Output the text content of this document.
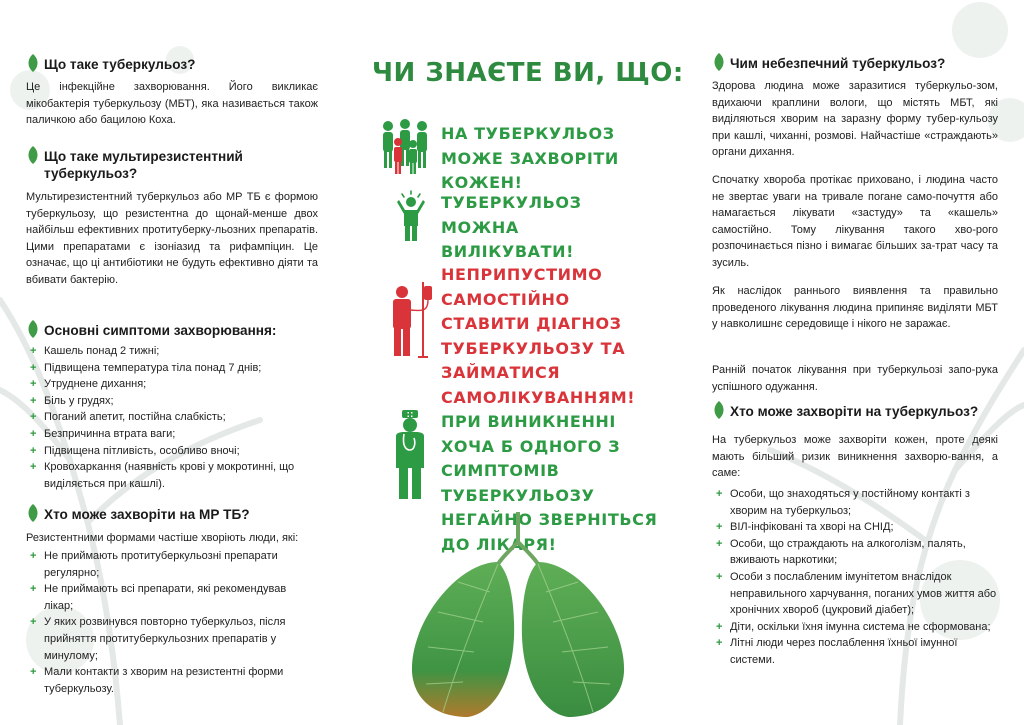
Що таке туберкульоз?
Це інфекційне захворювання. Його викликає мікобактерія туберкульозу (МБТ), яка називається також паличкою або бацилою Коха.
Що таке мультирезистентний туберкульоз?
Мультирезистентний туберкульоз або МР ТБ є формою туберкульозу, що резистентна до щонай-менше двох найбільш ефективних протитуберку-льозних препаратів. Цими препаратами є ізоніазид та рифампіцин. Це означає, що ці антибіотики не будуть ефективно діяти та вбивати бактерію.
Основні симптоми захворювання:
+ Кашель понад 2 тижні;
+ Підвищена температура тіла понад 7 днів;
+ Утруднене дихання;
+ Біль у грудях;
+ Поганий апетит, постійна слабкість;
+ Безпричинна втрата ваги;
+ Підвищена пітливість, особливо вночі;
+ Кровохаркання (наявність крові у мокротинні, що виділяється при кашлі).
Хто може захворіти на МР ТБ?
Резистентними формами частіше хворіють люди, які:
+ Не приймають протитуберкульозні препарати регулярно;
+ Не приймають всі препарати, які рекомендував лікар;
+ У яких розвинувся повторно туберкульоз, після прийняття протитуберкульозних препаратів у минулому;
+ Мали контакти з хворим на резистентні форми туберкульозу.
ЧИ ЗНАЄТЕ ВИ, ЩО:
НА ТУБЕРКУЛЬОЗ МОЖЕ ЗАХВОРІТИ КОЖЕН!
ТУБЕРКУЛЬОЗ МОЖНА ВИЛІКУВАТИ!
НЕПРИПУСТИМО САМОСТІЙНО СТАВИТИ ДІАГНОЗ ТУБЕРКУЛЬОЗУ ТА ЗАЙМАТИСЯ САМОЛІКУВАННЯМ!
ПРИ ВИНИКНЕННІ ХОЧА Б ОДНОГО З СИМПТОМІВ ТУБЕРКУЛЬОЗУ НЕГАЙНО ЗВЕРНІТЬСЯ ДО ЛІКАРЯ!
Чим небезпечний туберкульоз?
Здорова людина може заразитися туберкульо-зом, вдихаючи краплини вологи, що містять МБТ, які виділяються хворим на заразну форму тубер-кульозу при кашлі, чиханні, розмові. Найчастіше «страждають» органи дихання.
Спочатку хвороба протікає приховано, і людина часто не звертає уваги на тривале погане само-почуття або намагається лікувати «застуду» та «кашель» самостійно. Тому лікування такого хво-рого розпочинається пізно і вимагає більших за-трат часу та зусиль.
Як наслідок раннього виявлення та правильно проведеного лікування людина припиняє виділяти МБТ у навколишнє середовище і нікого не заражає.
Ранній початок лікування при туберкульозі запо-рука успішного одужання.
Хто може захворіти на туберкульоз?
На туберкульоз може захворіти кожен, проте деякі мають більший ризик виникнення захворю-вання, а саме:
+ Особи, що знаходяться у постійному контакті з хворим на туберкульоз;
+ ВІЛ-інфіковані та хворі на СНІД;
+ Особи, що страждають на алкоголізм, палять, вживають наркотики;
+ Особи з послабленим імунітетом внаслідок неправильного харчування, поганих умов життя або хронічних хвороб (цукровий діабет);
+ Діти, оскільки їхня імунна система не сформована;
+ Літні люди через послаблення їхньої імунної системи.
